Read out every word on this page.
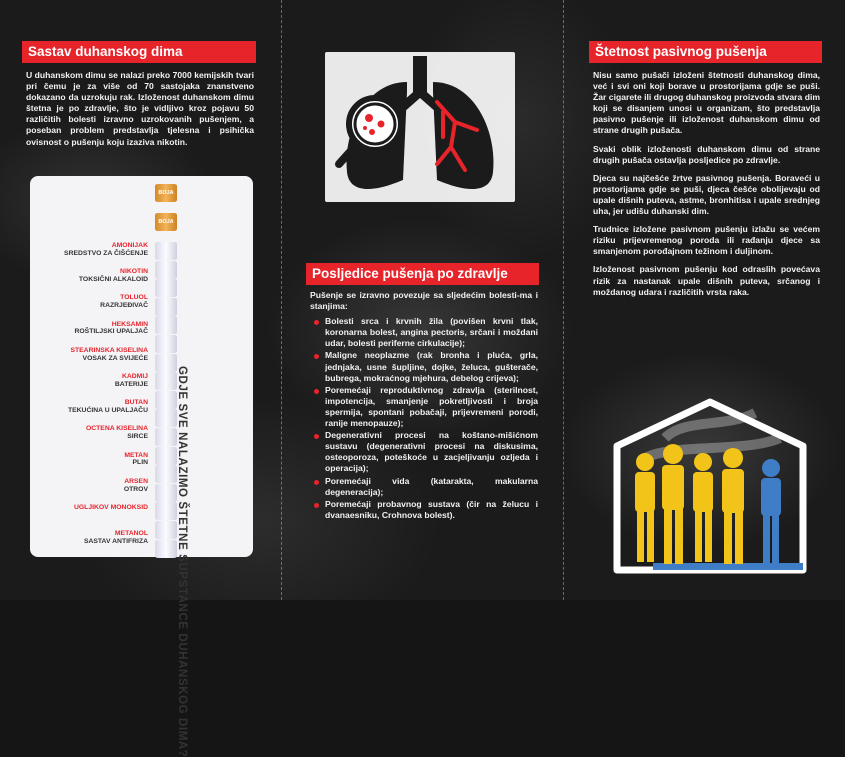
Sastav duhanskog dima
U duhanskom dimu se nalazi preko 7000 kemijskih tvari pri čemu je za više od 70 sastojaka znanstveno dokazano da uzrokuju rak. Izloženost duhanskom dimu štetna je po zdravlje, što je vidljivo kroz pojavu 50 različitih bolesti izravno uzrokovanih pušenjem, a poseban problem predstavlja tjelesna i psihička ovisnost o pušenju koju izaziva nikotin.
AMONIJAK
SREDSTVO ZA ČIŠĆENJE
NIKOTIN
TOKSIČNI ALKALOID
TOLUOL
RAZRJEĐIVAČ
HEKSAMIN
ROŠTILJSKI UPALJAČ
STEARINSKA KISELINA
VOSAK ZA SVIJEĆE
KADMIJ
BATERIJE
BUTAN
TEKUĆINA U UPALJAČU
OCTENA KISELINA
SIRCE
METAN
PLIN
ARSEN
OTROV
UGLJIKOV MONOKSID
METANOL
SASTAV ANTIFRIZA
BOJA
BOJA
GDJE SVE NALAZIMO ŠTETNE SUPSTANCE DUHANSKOG DIMA?
Posljedice pušenja po zdravlje
Pušenje se izravno povezuje sa sljedećim bolesti-ma i stanjima:
Bolesti srca i krvnih žila (povišen krvni tlak, koronarna bolest, angina pectoris, srčani i moždani udar, bolesti periferne cirkulacije);
Maligne neoplazme (rak bronha i pluća, grla, jednjaka, usne šupljine, dojke, želuca, gušterače, bubrega, mokraćnog mjehura, debelog crijeva);
Poremećaji reproduktivnog zdravlja (sterilnost, impotencija, smanjenje pokretljivosti i broja spermija, spontani pobačaji, prijevremeni porodi, ranije menopauze);
Degenerativni procesi na koštano-mišićnom sustavu (degenerativni procesi na diskusima, osteoporoza, poteškoće u zacjeljivanju ozljeda i operacija);
Poremećaji vida (katarakta, makularna degeneracija);
Poremećaji probavnog sustava (čir na želucu i dvanaesniku, Crohnova bolest).
Štetnost pasivnog pušenja

Nisu samo pušači izloženi štetnosti duhanskog dima, već i svi oni koji borave u prostorijama gdje se puši. Žar cigarete ili drugog duhanskog proizvoda stvara dim koji se disanjem unosi u organizam, što predstavlja pasivno pušenje ili izloženost duhanskom dimu od strane drugih pušača.

Svaki oblik izloženosti duhanskom dimu od strane drugih pušača ostavlja posljedice po zdravlje.

Djeca su najčešće žrtve pasivnog pušenja. Boraveći u prostorijama gdje se puši, djeca češće obolijevaju od upale dišnih puteva, astme, bronhitisa i upale srednjeg uha, jer udišu duhanski dim.

Trudnice izložene pasivnom pušenju izlažu se većem riziku prijevremenog poroda ili rađanju djece sa smanjenom porođajnom težinom i duljinom.

Izloženost pasivnom pušenju kod odraslih povećava rizik za nastanak upale dišnih puteva, srčanog i moždanog udara i različitih vrsta raka.
